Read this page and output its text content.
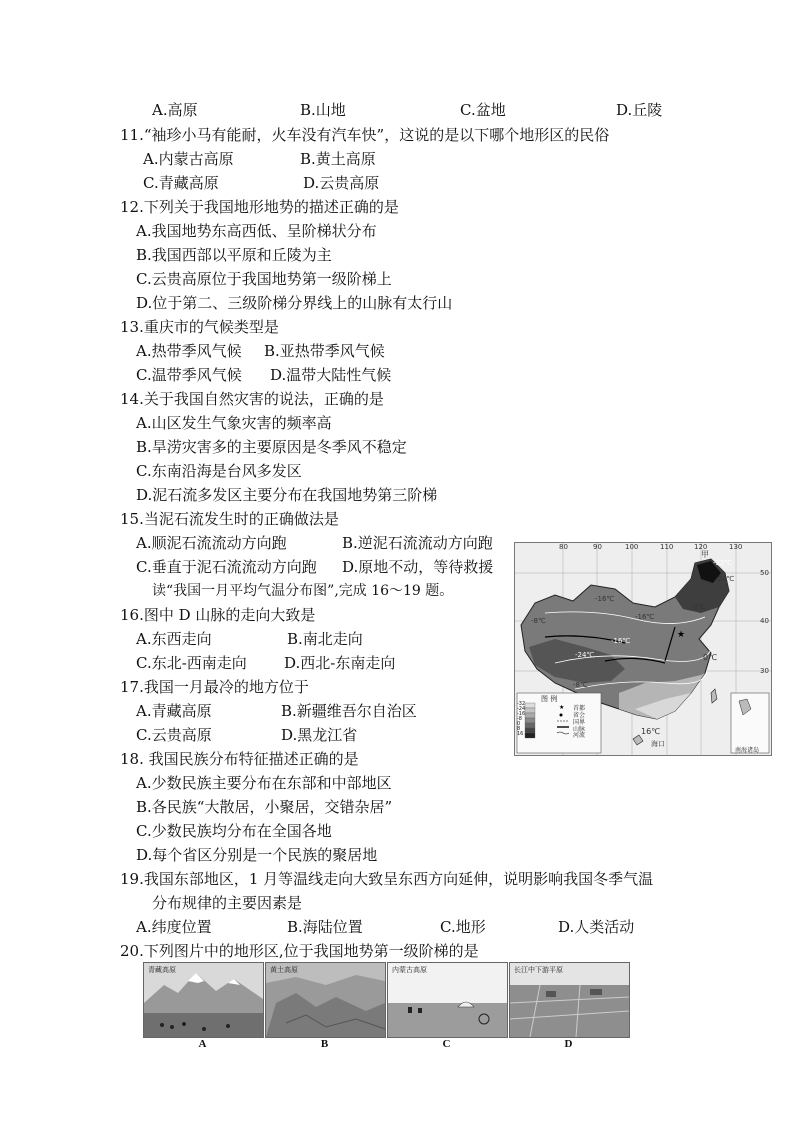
A.高原	B.山地	C.盆地	D.丘陵
11.“袖珍小马有能耐，火车没有汽车快”，这说的是以下哪个地形区的民俗
A.内蒙古高原	B.黄土高原
C.青藏高原	D.云贵高原
12.下列关于我国地形地势的描述正确的是
A.我国地势东高西低、呈阶梯状分布
B.我国西部以平原和丘陵为主
C.云贵高原位于我国地势第一级阶梯上
D.位于第二、三级阶梯分界线上的山脉有太行山
13.重庆市的气候类型是
A.热带季风气候 B.亚热带季风气候
C.温带季风气候 D.温带大陆性气候
14.关于我国自然灾害的说法，正确的是
A.山区发生气象灾害的频率高
B.旱涝灾害多的主要原因是冬季风不稳定
C.东南沿海是台风多发区
D.泥石流多发区主要分布在我国地势第三阶梯
15.当泥石流发生时的正确做法是
A.顺泥石流流动方向跑	B.逆泥石流流动方向跑
C.垂直于泥石流流动方向跑 D.原地不动，等待救援
读“我国一月平均气温分布图”,完成 16～19 题。
16.图中 D 山脉的走向大致是
A.东西走向	B.南北走向
C.东北-西南走向 D.西北-东南走向
17.我国一月最冷的地方位于
A.青藏高原	B.新疆维吾尔自治区
C.云贵高原	D.黑龙江省
18. 我国民族分布特征描述正确的是
A.少数民族主要分布在东部和中部地区
B.各民族“大散居，小聚居，交错杂居”
C.少数民族均分布在全国各地
D.每个省区分别是一个民族的聚居地
19.我国东部地区，1 月等温线走向大致呈东西方向延伸，说明影响我国冬季气温
分布规律的主要因素是
A.纬度位置	B.海陆位置	C.地形	D.人类活动
20.下列图片中的地形区,位于我国地势第一级阶梯的是
★
★
80	90	100	110	120	130
50
40
30
甲
-32℃
-24℃
-16℃
-8℃	-16℃
-24℃
-8℃
0℃
-16℃
16℃
-8℃
海口
图 例
首都
省会
国界
山脉
河流
-32
-24
-16
-8
0
8
16
南海诸岛
青藏高原	黄土高原	内蒙古高原	长江中下游平原
A	B	C	D
